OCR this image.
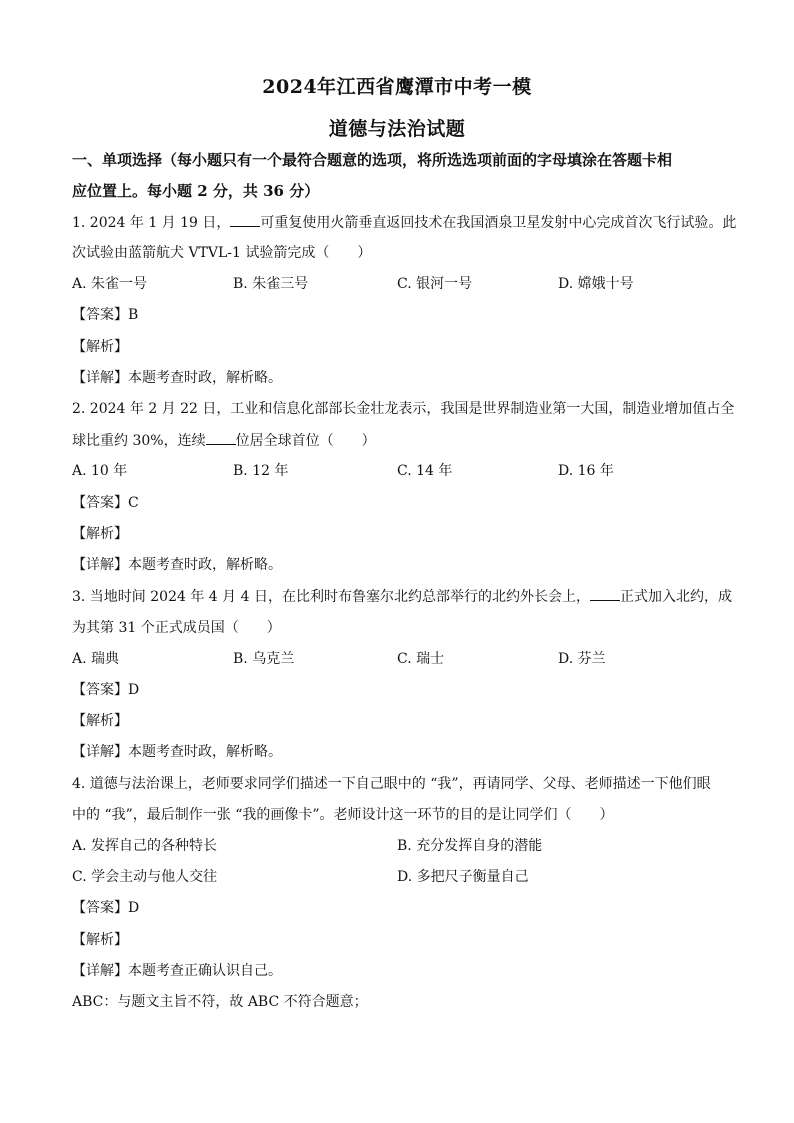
2024年江西省鹰潭市中考一模
道德与法治试题
一、单项选择（每小题只有一个最符合题意的选项，将所选选项前面的字母填涂在答题卡相
应位置上。每小题 2 分，共 36 分）
1. 2024 年 1 月 19 日， 可重复使用火箭垂直返回技术在我国酒泉卫星发射中心完成首次飞行试验。此
次试验由蓝箭航犬 VTVL-1 试验箭完成（　　）
A. 朱雀一号	B. 朱雀三号	C. 银河一号	D. 嫦娥十号
【答案】B
【解析】
【详解】本题考查时政，解析略。
2. 2024 年 2 月 22 日，工业和信息化部部长金壮龙表示，我国是世界制造业第一大国，制造业增加值占全
球比重约 30%，连续 位居全球首位（　　）
A. 10 年	B. 12 年	C. 14 年	D. 16 年
【答案】C
【解析】
【详解】本题考查时政，解析略。
3. 当地时间 2024 年 4 月 4 日，在比利时布鲁塞尔北约总部举行的北约外长会上， 正式加入北约，成
为其第 31 个正式成员国（　　）
A. 瑞典	B. 乌克兰	C. 瑞士	D. 芬兰
【答案】D
【解析】
【详解】本题考查时政，解析略。
4. 道德与法治课上，老师要求同学们描述一下自己眼中的 “我”，再请同学、父母、老师描述一下他们眼
中的 “我”，最后制作一张 “我的画像卡”。老师设计这一环节的目的是让同学们（　　）
A. 发挥自己的各种特长	B. 充分发挥自身的潜能
C. 学会主动与他人交往	D. 多把尺子衡量自己
【答案】D
【解析】
【详解】本题考查正确认识自己。
ABC：与题文主旨不符，故 ABC 不符合题意；
